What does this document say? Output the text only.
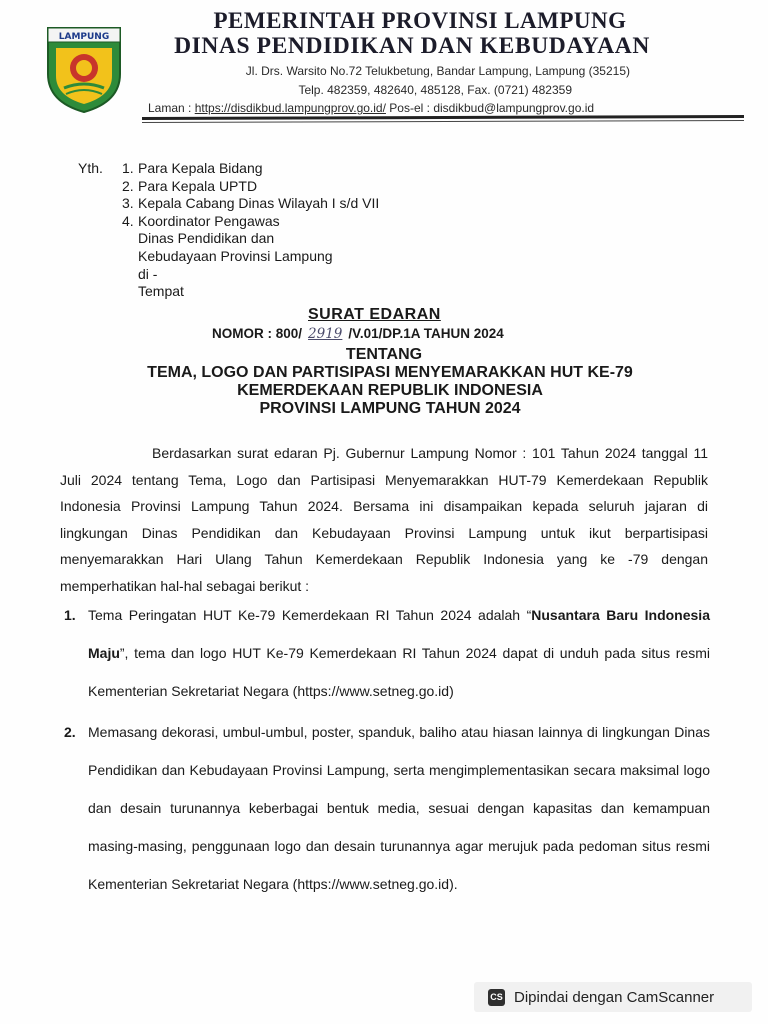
LAMPUNG
PEMERINTAH PROVINSI LAMPUNG
DINAS PENDIDIKAN DAN KEBUDAYAAN
Jl. Drs. Warsito No.72 Telukbetung, Bandar Lampung, Lampung (35215)
Telp. 482359, 482640, 485128, Fax. (0721) 482359
Laman : https://disdikbud.lampungprov.go.id/ Pos-el : disdikbud@lampungprov.go.id
Yth. 1. Para Kepala Bidang
2. Para Kepala UPTD
3. Kepala Cabang Dinas Wilayah I s/d VII
4. Koordinator Pengawas
Dinas Pendidikan dan
Kebudayaan Provinsi Lampung
di -
Tempat
SURAT EDARAN
NOMOR : 800/ 2919 /V.01/DP.1A TAHUN 2024
TENTANG
TEMA, LOGO DAN PARTISIPASI MENYEMARAKKAN HUT KE-79
KEMERDEKAAN REPUBLIK INDONESIA
PROVINSI LAMPUNG TAHUN 2024
Berdasarkan surat edaran Pj. Gubernur Lampung Nomor : 101 Tahun 2024 tanggal 11 Juli 2024 tentang Tema, Logo dan Partisipasi Menyemarakkan HUT-79 Kemerdekaan Republik Indonesia Provinsi Lampung Tahun 2024. Bersama ini disampaikan kepada seluruh jajaran di lingkungan Dinas Pendidikan dan Kebudayaan Provinsi Lampung untuk ikut berpartisipasi menyemarakkan Hari Ulang Tahun Kemerdekaan Republik Indonesia yang ke -79 dengan memperhatikan hal-hal sebagai berikut :
1. Tema Peringatan HUT Ke-79 Kemerdekaan RI Tahun 2024 adalah “Nusantara Baru Indonesia Maju”, tema dan logo HUT Ke-79 Kemerdekaan RI Tahun 2024 dapat di unduh pada situs resmi Kementerian Sekretariat Negara (https://www.setneg.go.id)
2. Memasang dekorasi, umbul-umbul, poster, spanduk, baliho atau hiasan lainnya di lingkungan Dinas Pendidikan dan Kebudayaan Provinsi Lampung, serta mengimplementasikan secara maksimal logo dan desain turunannya keberbagai bentuk media, sesuai dengan kapasitas dan kemampuan masing-masing, penggunaan logo dan desain turunannya agar merujuk pada pedoman situs resmi Kementerian Sekretariat Negara (https://www.setneg.go.id).
CS Dipindai dengan CamScanner
